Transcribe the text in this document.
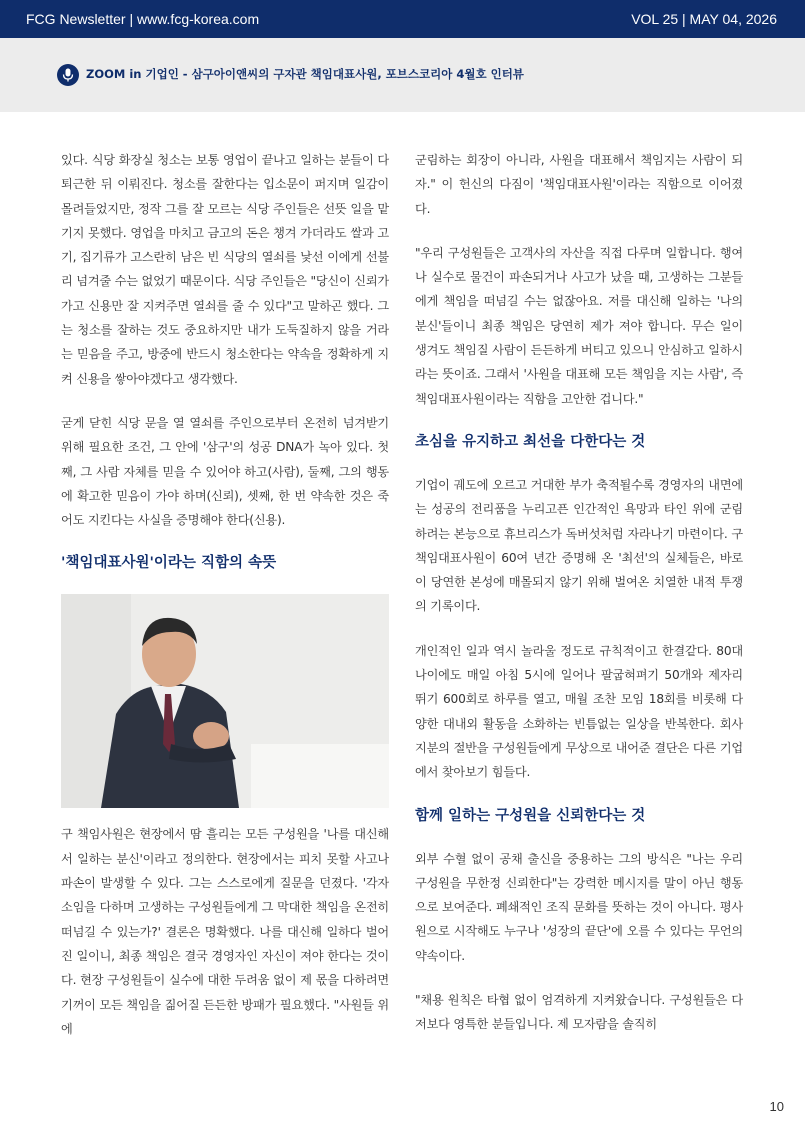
FCG Newsletter | www.fcg-korea.com	VOL 25 | MAY 04, 2026
ZOOM in 기업인 - 삼구아이앤씨의 구자관 책임대표사원, 포브스코리아 4월호 인터뷰

있다. 식당 화장실 청소는 보통 영업이 끝나고 일하는 분들이 다 퇴근한 뒤 이뤄진다. 청소를 잘한다는 입소문이 퍼지며 일감이 몰려들었지만, 정작 그를 잘 모르는 식당 주인들은 선뜻 일을 맡기지 못했다. 영업을 마치고 금고의 돈은 챙겨 가더라도 쌀과 고기, 집기류가 고스란히 남은 빈 식당의 열쇠를 낯선 이에게 선불리 넘겨줄 수는 없었기 때문이다. 식당 주인들은 "당신이 신뢰가 가고 신용만 잘 지켜주면 열쇠를 줄 수 있다"고 말하곤 했다. 그는 청소를 잘하는 것도 중요하지만 내가 도둑질하지 않을 거라는 믿음을 주고, 방중에 반드시 청소한다는 약속을 정확하게 지켜 신용을 쌓아야겠다고 생각했다.

굳게 닫힌 식당 문을 열 열쇠를 주인으로부터 온전히 넘겨받기 위해 필요한 조건, 그 안에 '삼구'의 성공 DNA가 녹아 있다. 첫째, 그 사람 자체를 믿을 수 있어야 하고(사람), 둘째, 그의 행동에 확고한 믿음이 가야 하며(신뢰), 셋째, 한 번 약속한 것은 죽어도 지킨다는 사실을 증명해야 한다(신용).

'책임대표사원'이라는 직함의 속뜻

구 책임사원은 현장에서 땀 흘리는 모든 구성원을 '나를 대신해서 일하는 분신'이라고 정의한다. 현장에서는 피치 못할 사고나 파손이 발생할 수 있다. 그는 스스로에게 질문을 던졌다. '각자 소임을 다하며 고생하는 구성원들에게 그 막대한 책임을 온전히 떠넘길 수 있는가?' 결론은 명확했다. 나를 대신해 일하다 벌어진 일이니, 최종 책임은 결국 경영자인 자신이 져야 한다는 것이다. 현장 구성원들이 실수에 대한 두려움 없이 제 몫을 다하려면 기꺼이 모든 책임을 짊어질 든든한 방패가 필요했다. "사원들 위에

군림하는 회장이 아니라, 사원을 대표해서 책임지는 사람이 되자." 이 헌신의 다짐이 '책임대표사원'이라는 직함으로 이어졌다.

"우리 구성원들은 고객사의 자산을 직접 다루며 일합니다. 행여나 실수로 물건이 파손되거나 사고가 났을 때, 고생하는 그분들에게 책임을 떠넘길 수는 없잖아요. 저를 대신해 일하는 '나의 분신'들이니 최종 책임은 당연히 제가 져야 합니다. 무슨 일이 생겨도 책임질 사람이 든든하게 버티고 있으니 안심하고 일하시라는 뜻이죠. 그래서 '사원을 대표해 모든 책임을 지는 사람', 즉 책임대표사원이라는 직함을 고안한 겁니다."

초심을 유지하고 최선을 다한다는 것

기업이 궤도에 오르고 거대한 부가 축적될수록 경영자의 내면에는 성공의 전리품을 누리고픈 인간적인 욕망과 타인 위에 군림하려는 본능으로 휴브리스가 독버섯처럼 자라나기 마련이다. 구 책임대표사원이 60여 년간 증명해 온 '최선'의 실체들은, 바로 이 당연한 본성에 매몰되지 않기 위해 벌여온 치열한 내적 투쟁의 기록이다.

개인적인 일과 역시 놀라울 정도로 규칙적이고 한결같다. 80대 나이에도 매일 아침 5시에 일어나 팔굽혀펴기 50개와 제자리 뛰기 600회로 하루를 열고, 매월 조찬 모임 18회를 비롯해 다양한 대내외 활동을 소화하는 빈틈없는 일상을 반복한다. 회사 지분의 절반을 구성원들에게 무상으로 내어준 결단은 다른 기업에서 찾아보기 힘들다.

함께 일하는 구성원을 신뢰한다는 것

외부 수혈 없이 공채 출신을 중용하는 그의 방식은 "나는 우리 구성원을 무한정 신뢰한다"는 강력한 메시지를 말이 아닌 행동으로 보여준다. 폐쇄적인 조직 문화를 뜻하는 것이 아니다. 평사원으로 시작해도 누구나 '성장의 끝단'에 오를 수 있다는 무언의 약속이다.

"채용 원칙은 타협 없이 엄격하게 지켜왔습니다. 구성원들은 다 저보다 영특한 분들입니다. 제 모자람을 솔직히

10
